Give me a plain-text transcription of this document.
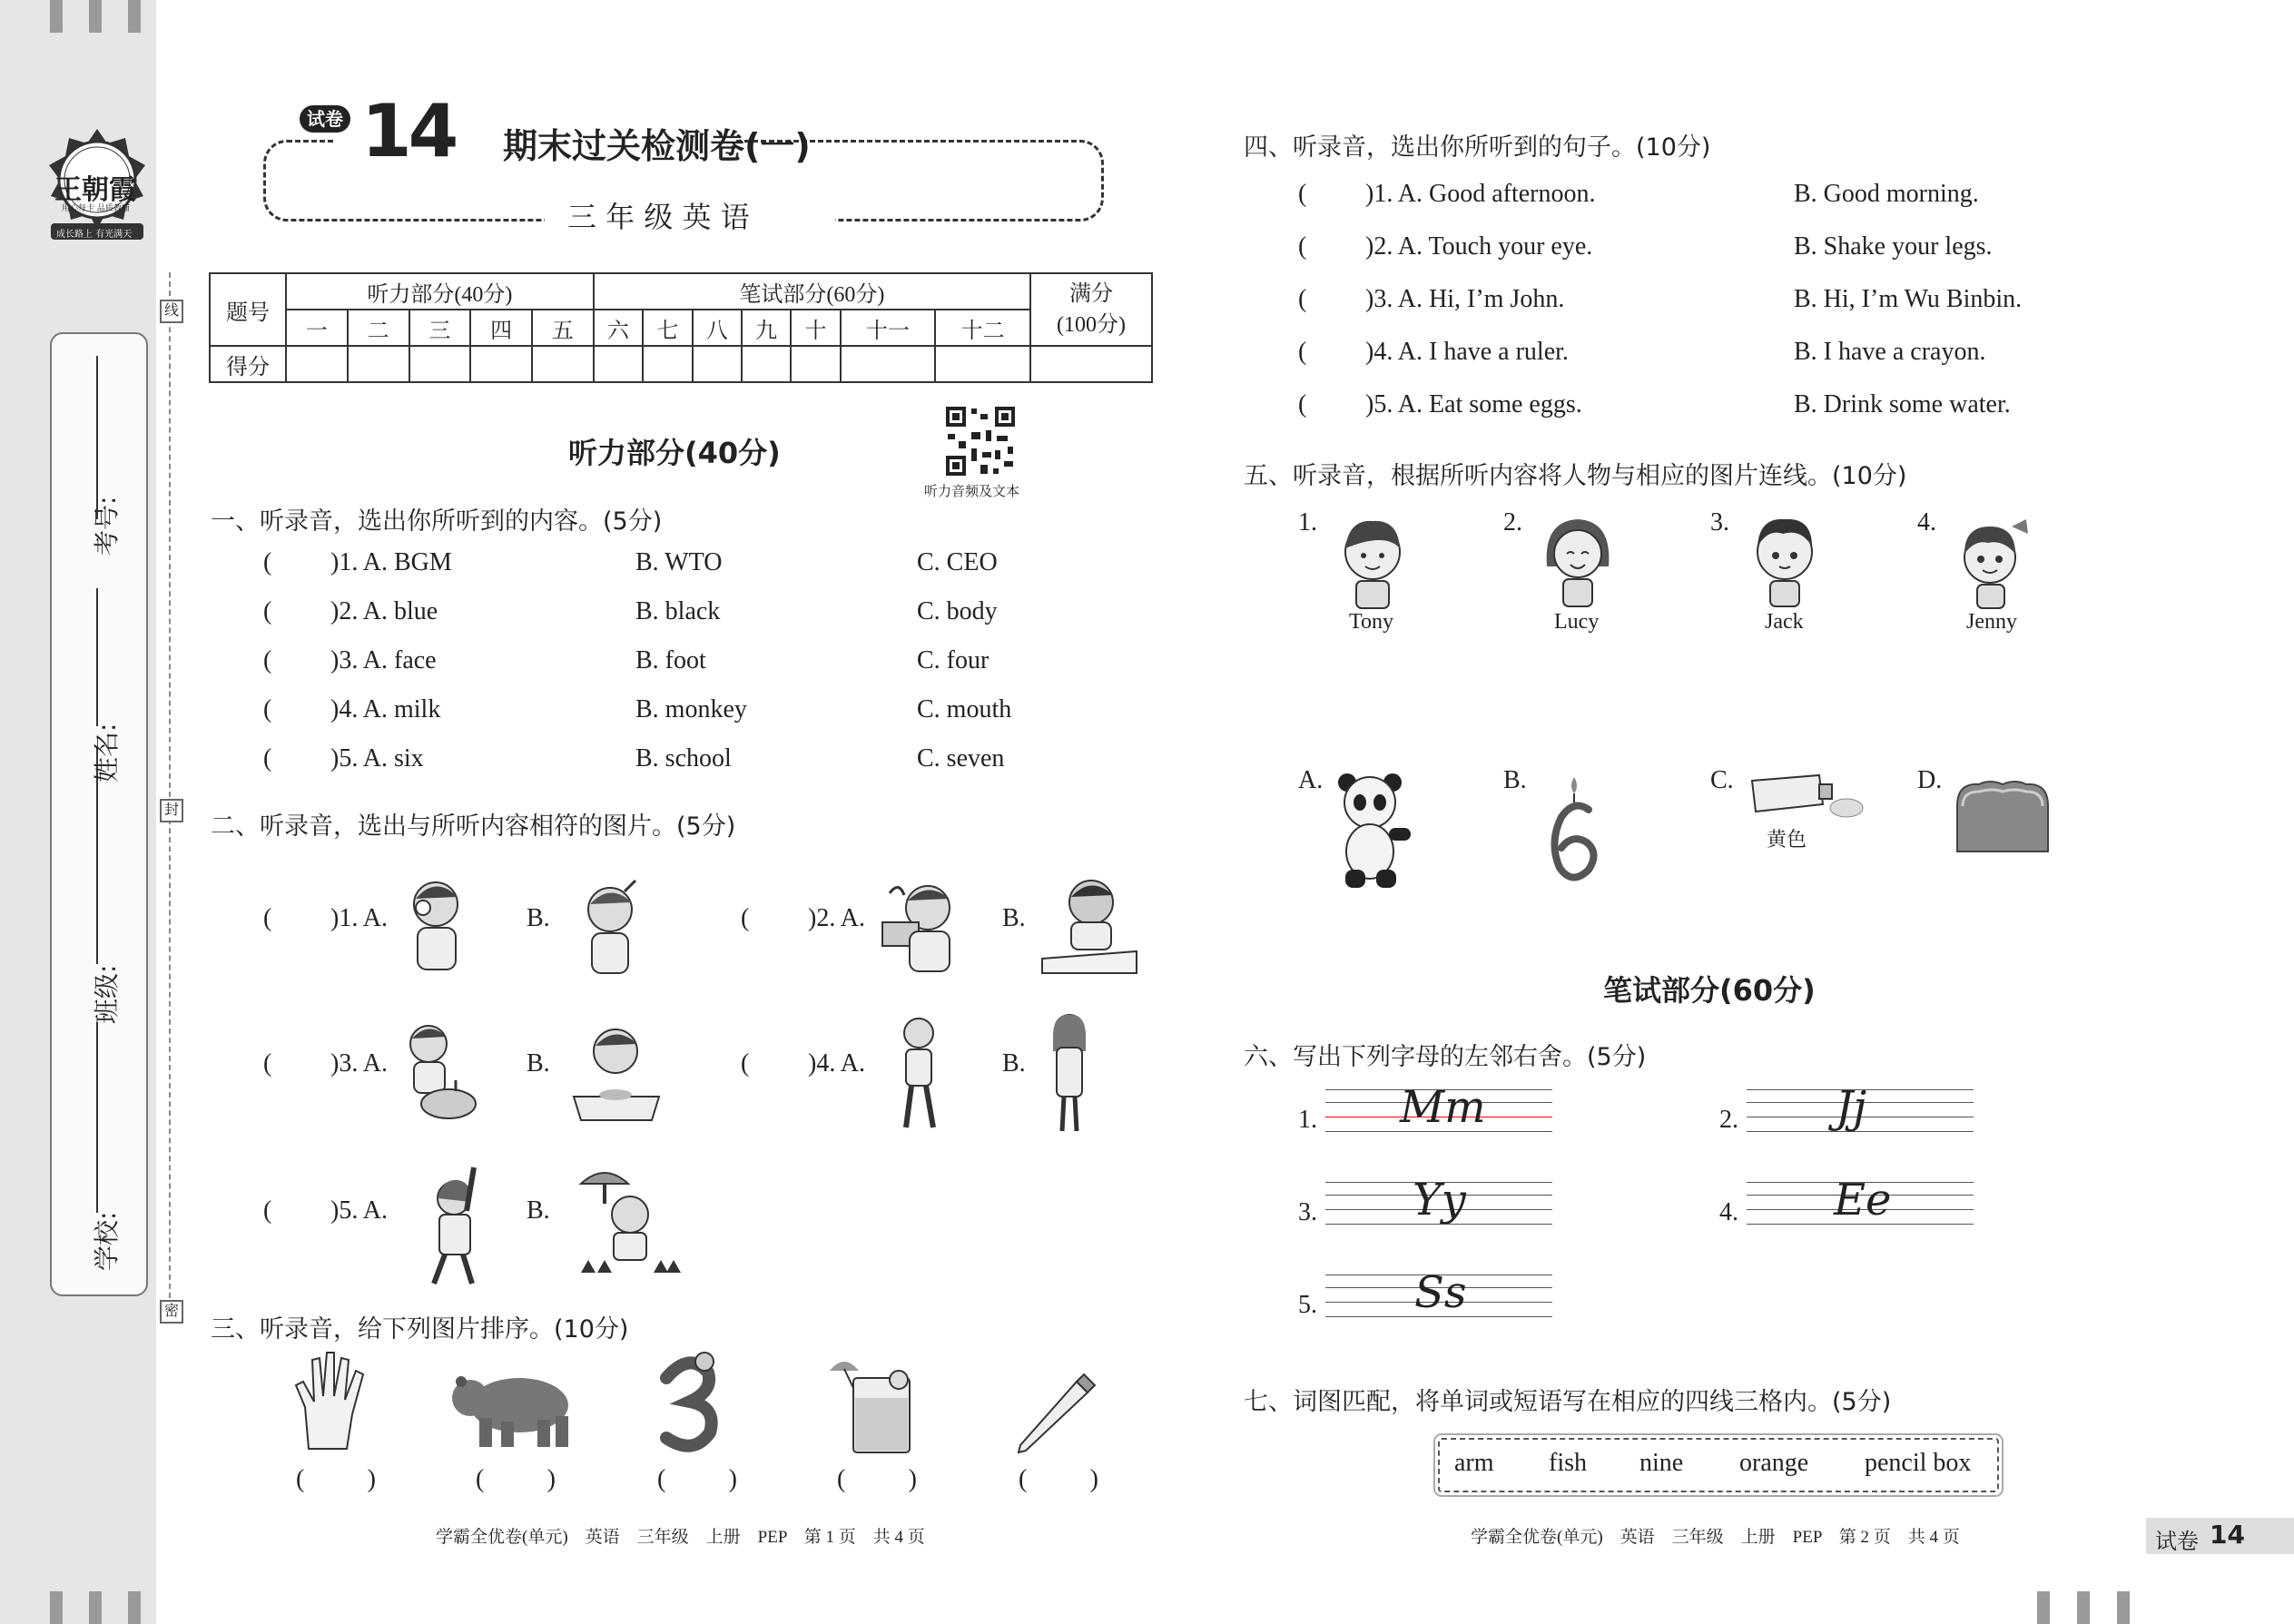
王朝霞
用心每卡 品质教辅
成长路上 有光满天
学校:
班级:
姓名:
考号:
线
封
密
试卷 14 期末过关检测卷(一)
三 年 级 英 语
题号	听力部分(40分)					笔试部分(60分)							满分
(100分)

	一	二	三	四	五	六	七	八	九	十	十一	十二	
得分													
听力部分(40分)
听力音频及文本
一、听录音，选出你所听到的内容。(5分)
( )1. A. BGM	B. WTO	C. CEO
( )2. A. blue	B. black	C. body
( )3. A. face	B. foot	C. four
( )4. A. milk	B. monkey	C. mouth
( )5. A. six	B. school	C. seven
二、听录音，选出与所听内容相符的图片。(5分)
( )1. A.	B.	( )2. A.	B.
( )3. A.	B.	( )4. A.	B.
( )5. A.	B.
三、听录音，给下列图片排序。(10分)
( )	( )	( )	( )	( )
学霸全优卷(单元)　英语　三年级　上册　PEP　第 1 页　共 4 页
四、听录音，选出你所听到的句子。(10分)
( )1. A. Good afternoon.	B. Good morning.
( )2. A. Touch your eye.	B. Shake your legs.
( )3. A. Hi, I’m John.	B. Hi, I’m Wu Binbin.
( )4. A. I have a ruler.	B. I have a crayon.
( )5. A. Eat some eggs.	B. Drink some water.
五、听录音，根据所听内容将人物与相应的图片连线。(10分)
1.
Tony
2.
Lucy
3.
Jack
4.
Jenny
A.	B.	C.
黄色
D.
笔试部分(60分)
六、写出下列字母的左邻右舍。(5分)
1. Mm	2. Jj
3. Yy	4. Ee
5. Ss
七、词图匹配，将单词或短语写在相应的四线三格内。(5分)
arm fish nine orange pencil box
学霸全优卷(单元)　英语　三年级　上册　PEP　第 2 页　共 4 页	试卷 14
